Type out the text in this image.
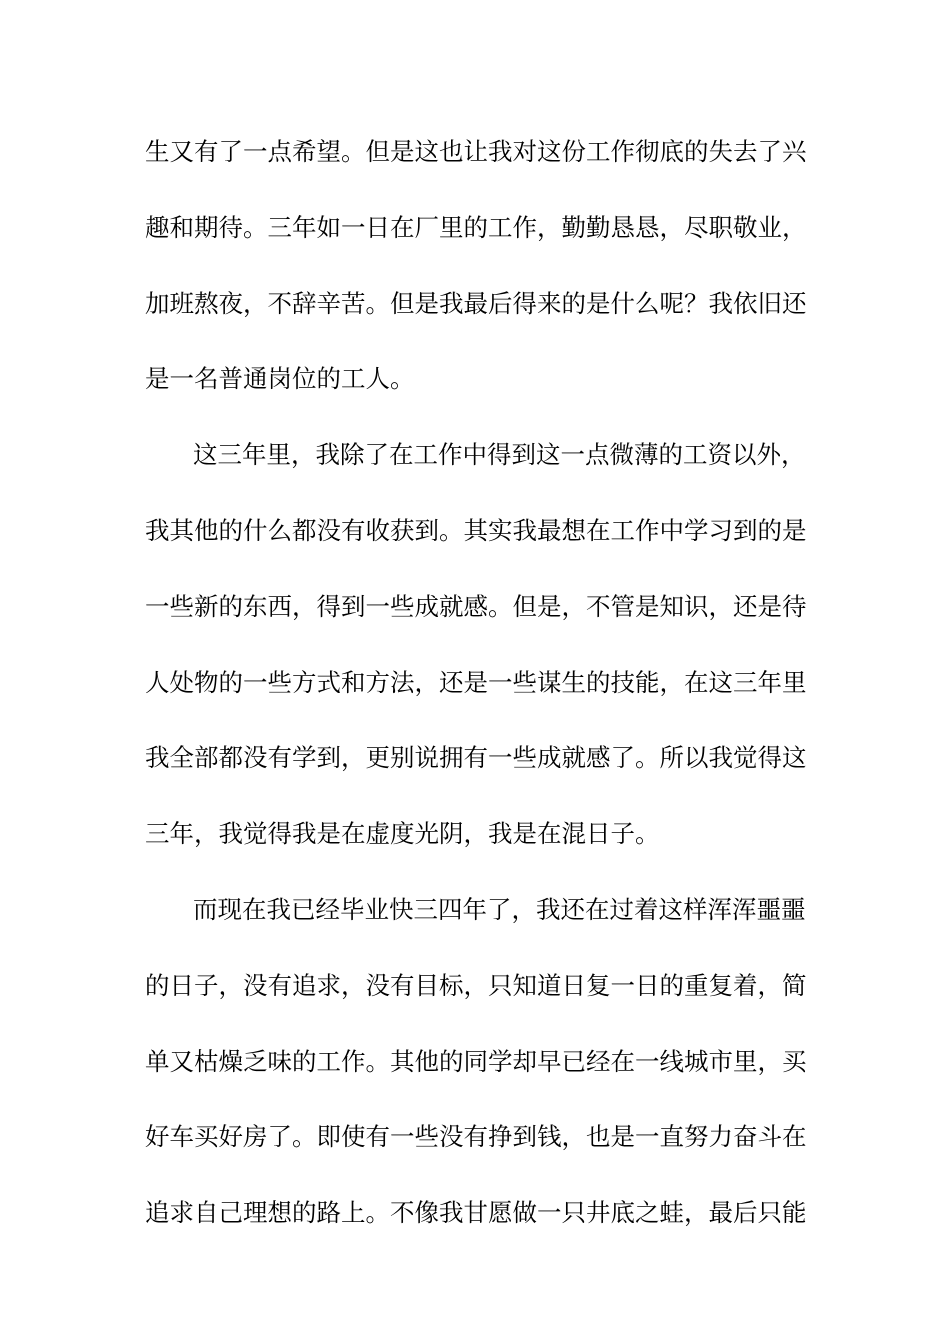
生又有了一点希望。但是这也让我对这份工作彻底的失去了兴
趣和期待。三年如一日在厂里的工作，勤勤恳恳，尽职敬业，
加班熬夜，不辞辛苦。但是我最后得来的是什么呢？我依旧还
是一名普通岗位的工人。
这三年里，我除了在工作中得到这一点微薄的工资以外，
我其他的什么都没有收获到。其实我最想在工作中学习到的是
一些新的东西，得到一些成就感。但是，不管是知识，还是待
人处物的一些方式和方法，还是一些谋生的技能，在这三年里
我全部都没有学到，更别说拥有一些成就感了。所以我觉得这
三年，我觉得我是在虚度光阴，我是在混日子。
而现在我已经毕业快三四年了，我还在过着这样浑浑噩噩
的日子，没有追求，没有目标，只知道日复一日的重复着，简
单又枯燥乏味的工作。其他的同学却早已经在一线城市里，买
好车买好房了。即使有一些没有挣到钱，也是一直努力奋斗在
追求自己理想的路上。不像我甘愿做一只井底之蛙，最后只能
